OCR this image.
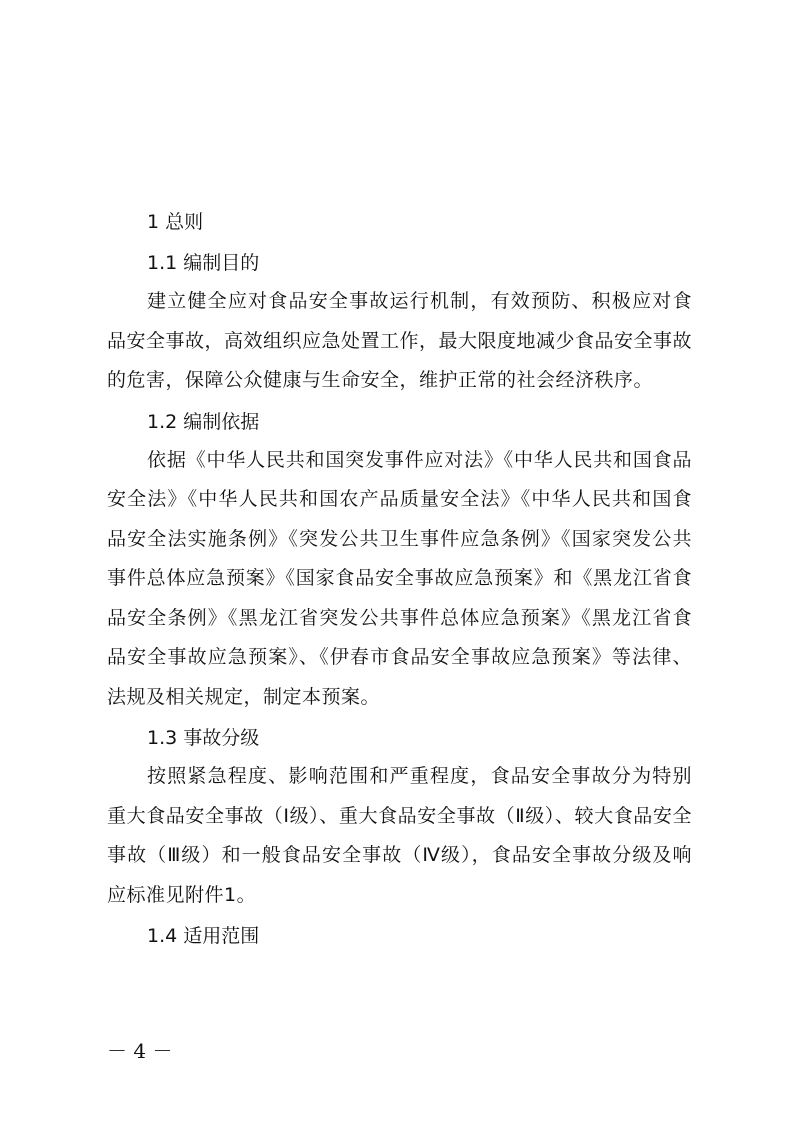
1 总则
1.1 编制目的

建立健全应对食品安全事故运行机制，有效预防、积极应对食品安全事故，高效组织应急处置工作，最大限度地减少食品安全事故的危害，保障公众健康与生命安全，维护正常的社会经济秩序。

1.2 编制依据

依据《中华人民共和国突发事件应对法》《中华人民共和国食品安全法》《中华人民共和国农产品质量安全法》《中华人民共和国食品安全法实施条例》《突发公共卫生事件应急条例》《国家突发公共事件总体应急预案》《国家食品安全事故应急预案》和《黑龙江省食品安全条例》《黑龙江省突发公共事件总体应急预案》《黑龙江省食品安全事故应急预案》、《伊春市食品安全事故应急预案》等法律、法规及相关规定，制定本预案。

1.3 事故分级

按照紧急程度、影响范围和严重程度，食品安全事故分为特别重大食品安全事故（Ⅰ级）、重大食品安全事故（Ⅱ级）、较大食品安全事故（Ⅲ级）和一般食品安全事故（Ⅳ级），食品安全事故分级及响应标准见附件1。

1.4 适用范围
－ 4 －
